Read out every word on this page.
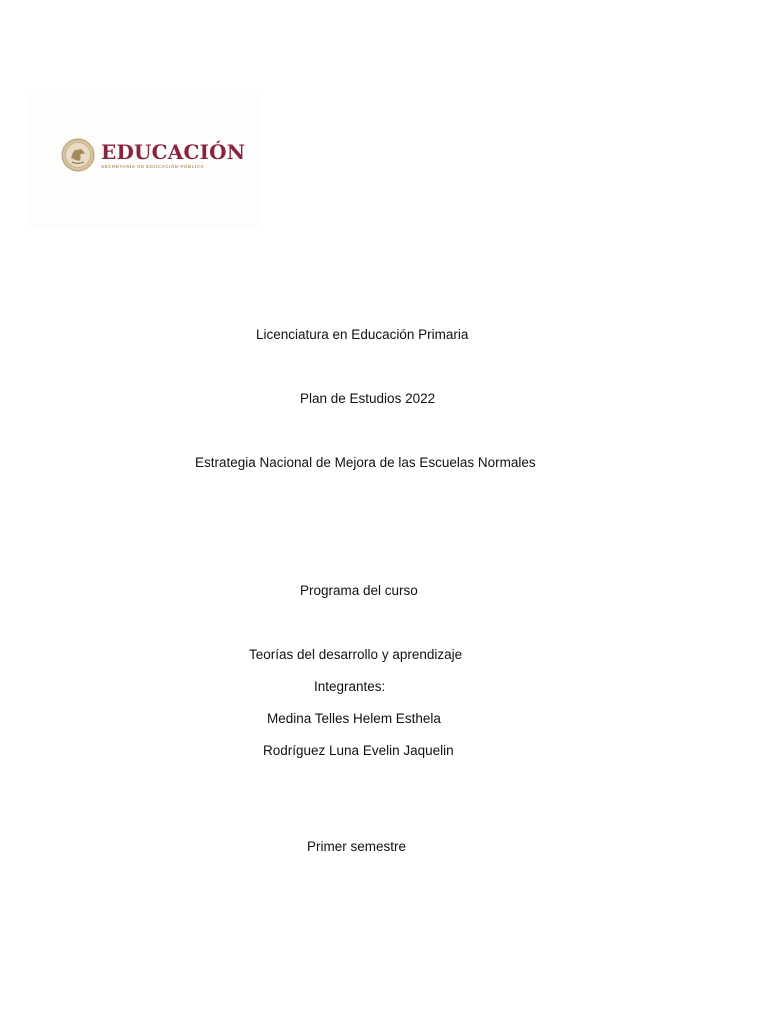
EDUCACIÓN
SECRETARÍA DE EDUCACIÓN PÚBLICA
Licenciatura en Educación Primaria
Plan de Estudios 2022
Estrategia Nacional de Mejora de las Escuelas Normales
Programa del curso
Teorías del desarrollo y aprendizaje
Integrantes:
Medina Telles Helem Esthela
Rodríguez Luna Evelin Jaquelin
Primer semestre
